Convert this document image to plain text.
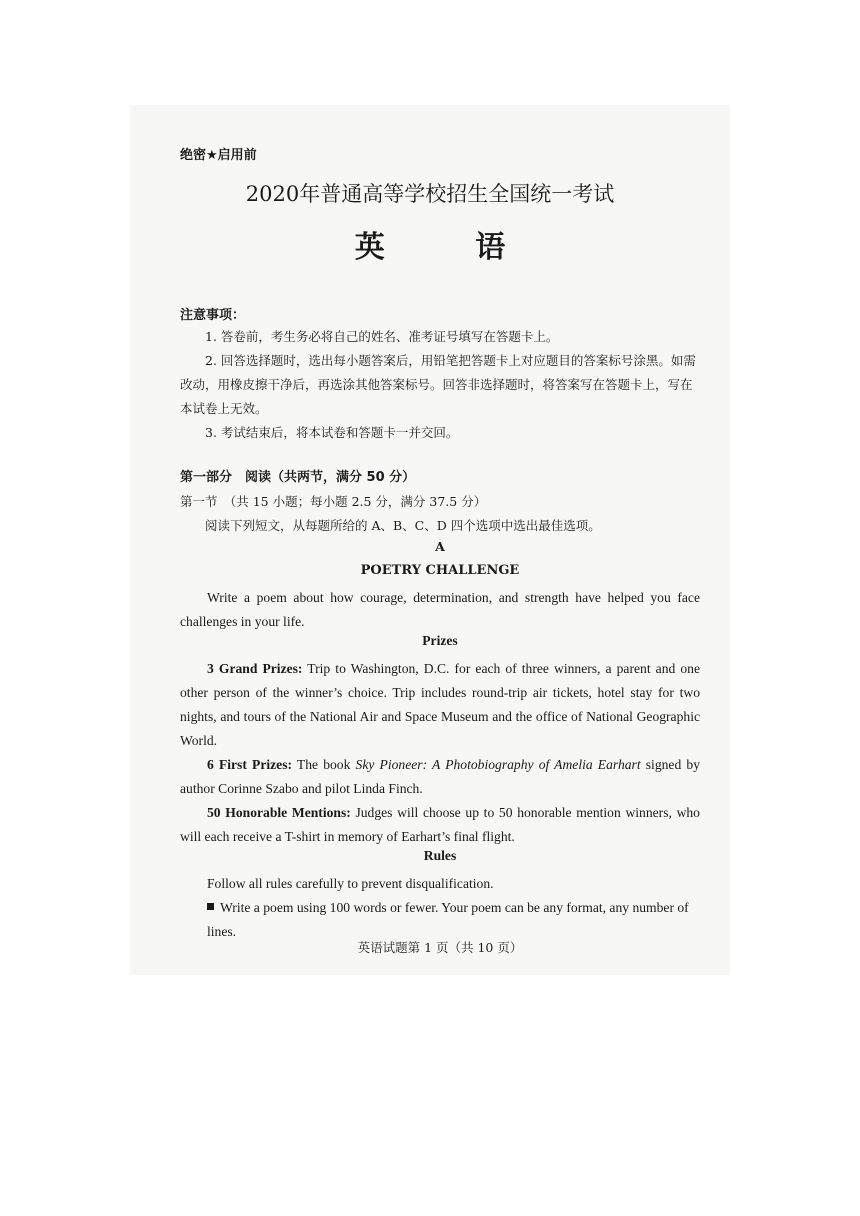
绝密★启用前
2020年普通高等学校招生全国统一考试
英 语
注意事项：
1. 答卷前，考生务必将自己的姓名、准考证号填写在答题卡上。
2. 回答选择题时，选出每小题答案后，用铅笔把答题卡上对应题目的答案标号涂黑。如需改动，用橡皮擦干净后，再选涂其他答案标号。回答非选择题时，将答案写在答题卡上，写在本试卷上无效。
3. 考试结束后，将本试卷和答题卡一并交回。
第一部分　阅读（共两节，满分 50 分）
第一节　（共 15 小题；每小题 2.5 分，满分 37.5 分）
阅读下列短文，从每题所给的 A、B、C、D 四个选项中选出最佳选项。
A
POETRY CHALLENGE
Write a poem about how courage, determination, and strength have helped you face challenges in your life.
Prizes
3 Grand Prizes: Trip to Washington, D.C. for each of three winners, a parent and one other person of the winner’s choice. Trip includes round-trip air tickets, hotel stay for two nights, and tours of the National Air and Space Museum and the office of National Geographic World.
6 First Prizes: The book Sky Pioneer: A Photobiography of Amelia Earhart signed by author Corinne Szabo and pilot Linda Finch.
50 Honorable Mentions: Judges will choose up to 50 honorable mention winners, who will each receive a T-shirt in memory of Earhart’s final flight.
Rules
Follow all rules carefully to prevent disqualification.
Write a poem using 100 words or fewer. Your poem can be any format, any number of lines.
英语试题第 1 页（共 10 页）
